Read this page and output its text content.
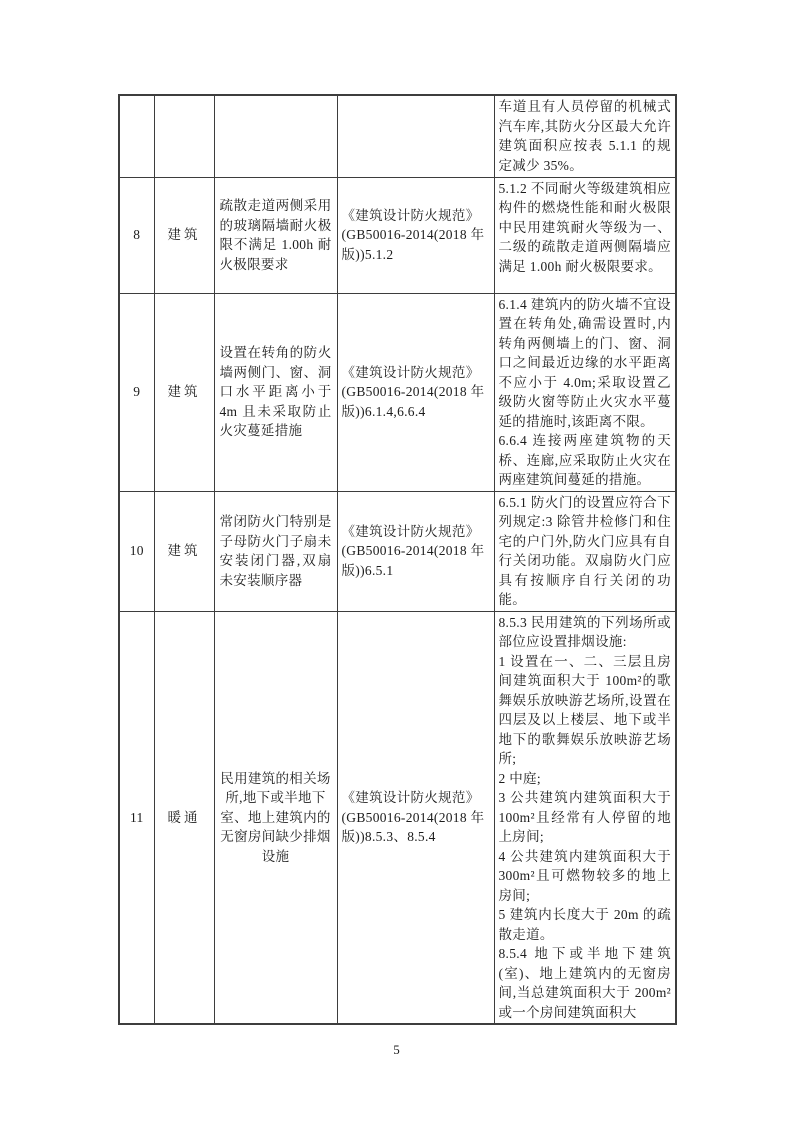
				车道且有人员停留的机械式汽车库,其防火分区最大允许建筑面积应按表 5.1.1 的规定减少 35%。

8	建筑	疏散走道两侧采用的玻璃隔墙耐火极限不满足 1.00h 耐火极限要求	《建筑设计防火规范》(GB50016-2014(2018 年版))5.1.2	5.1.2 不同耐火等级建筑相应构件的燃烧性能和耐火极限中民用建筑耐火等级为一、二级的疏散走道两侧隔墙应满足 1.00h 耐火极限要求。

9	建筑	设置在转角的防火墙两侧门、窗、洞口水平距离小于 4m 且未采取防止火灾蔓延措施	《建筑设计防火规范》(GB50016-2014(2018 年版))6.1.4,6.6.4	6.1.4 建筑内的防火墙不宜设置在转角处,确需设置时,内转角两侧墙上的门、窗、洞口之间最近边缘的水平距离不应小于 4.0m;采取设置乙级防火窗等防止火灾水平蔓延的措施时,该距离不限。
6.6.4 连接两座建筑物的天桥、连廊,应采取防止火灾在两座建筑间蔓延的措施。

10	建筑	常闭防火门特别是子母防火门子扇未安装闭门器,双扇未安装顺序器	《建筑设计防火规范》(GB50016-2014(2018 年版))6.5.1	6.5.1 防火门的设置应符合下列规定:3 除管井检修门和住宅的户门外,防火门应具有自行关闭功能。双扇防火门应具有按顺序自行关闭的功能。

11	暖通	民用建筑的相关场所,地下或半地下室、地上建筑内的无窗房间缺少排烟设施	《建筑设计防火规范》(GB50016-2014(2018 年版))8.5.3、8.5.4	
8.5.3 民用建筑的下列场所或部位应设置排烟设施:
1 设置在一、二、三层且房间建筑面积大于 100m²的歌舞娱乐放映游艺场所,设置在四层及以上楼层、地下或半地下的歌舞娱乐放映游艺场所;
2 中庭;
3 公共建筑内建筑面积大于 100m²且经常有人停留的地上房间;
4 公共建筑内建筑面积大于 300m²且可燃物较多的地上房间;
5 建筑内长度大于 20m 的疏散走道。
8.5.4 地下或半地下建筑(室)、地上建筑内的无窗房间,当总建筑面积大于 200m²或一个房间建筑面积大
5
